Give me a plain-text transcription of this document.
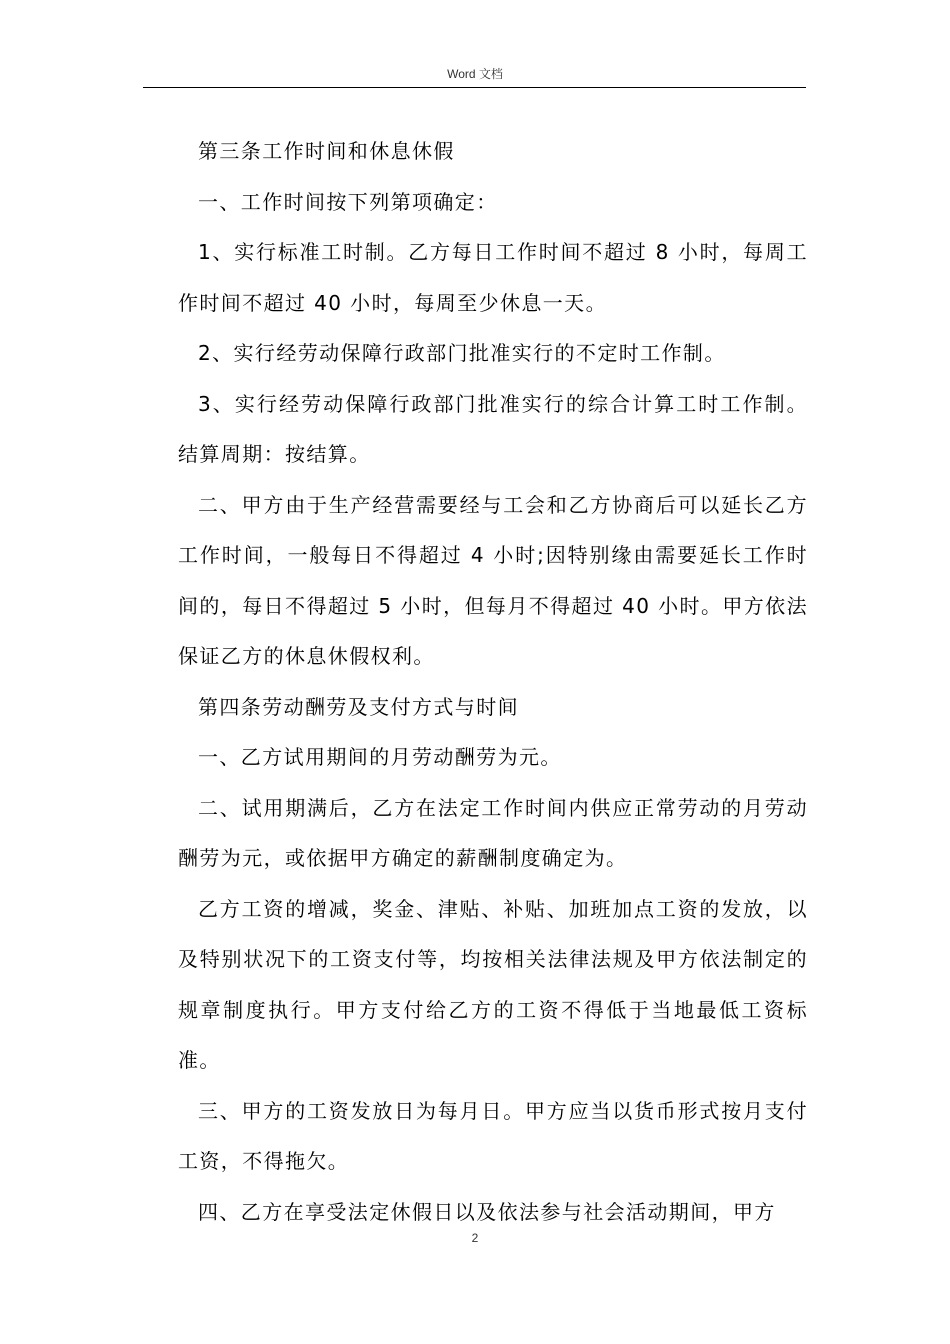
Word 文档

第三条工作时间和休息休假

一、工作时间按下列第项确定：

1、实行标准工时制。乙方每日工作时间不超过 8 小时，每周工作时间不超过 40 小时，每周至少休息一天。

2、实行经劳动保障行政部门批准实行的不定时工作制。

3、实行经劳动保障行政部门批准实行的综合计算工时工作制。结算周期：按结算。

二、甲方由于生产经营需要经与工会和乙方协商后可以延长乙方工作时间，一般每日不得超过 4 小时;因特别缘由需要延长工作时间的，每日不得超过 5 小时，但每月不得超过 40 小时。甲方依法保证乙方的休息休假权利。

第四条劳动酬劳及支付方式与时间

一、乙方试用期间的月劳动酬劳为元。

二、试用期满后，乙方在法定工作时间内供应正常劳动的月劳动酬劳为元，或依据甲方确定的薪酬制度确定为。

乙方工资的增减，奖金、津贴、补贴、加班加点工资的发放，以及特别状况下的工资支付等，均按相关法律法规及甲方依法制定的规章制度执行。甲方支付给乙方的工资不得低于当地最低工资标准。

三、甲方的工资发放日为每月日。甲方应当以货币形式按月支付工资，不得拖欠。

四、乙方在享受法定休假日以及依法参与社会活动期间，甲方

2
